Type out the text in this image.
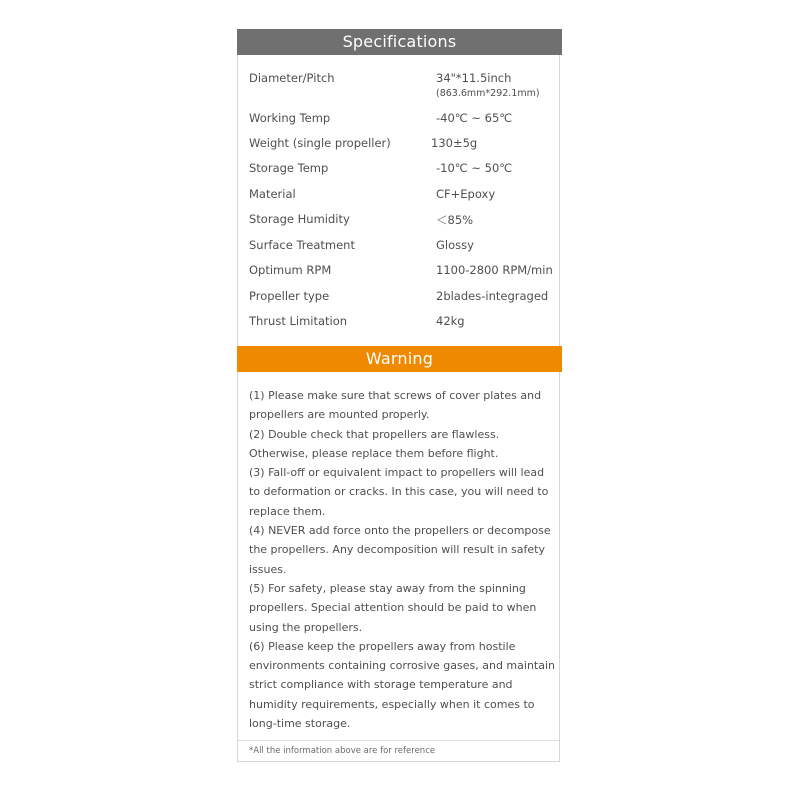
Specifications
Diameter/Pitch	34"*11.5inch
(863.6mm*292.1mm)
Working Temp	-40℃ ~ 65℃
Weight (single propeller)	130±5g
Storage Temp	-10℃ ~ 50℃
Material	CF+Epoxy
Storage Humidity	＜85%
Surface Treatment	Glossy
Optimum RPM	1100-2800 RPM/min
Propeller type	2blades-integraged
Thrust Limitation	42kg
Warning

(1) Please make sure that screws of cover plates and propellers are mounted properly.

(2) Double check that propellers are flawless. Otherwise, please replace them before flight.

(3) Fall-off or equivalent impact to propellers will lead to deformation or cracks. In this case, you will need to replace them.

(4) NEVER add force onto the propellers or decompose the propellers. Any decomposition will result in safety issues.

(5) For safety, please stay away from the spinning propellers. Special attention should be paid to when using the propellers.

(6) Please keep the propellers away from hostile environments containing corrosive gases, and maintain strict compliance with storage temperature and humidity requirements, especially when it comes to long-time storage.

*All the information above are for reference
